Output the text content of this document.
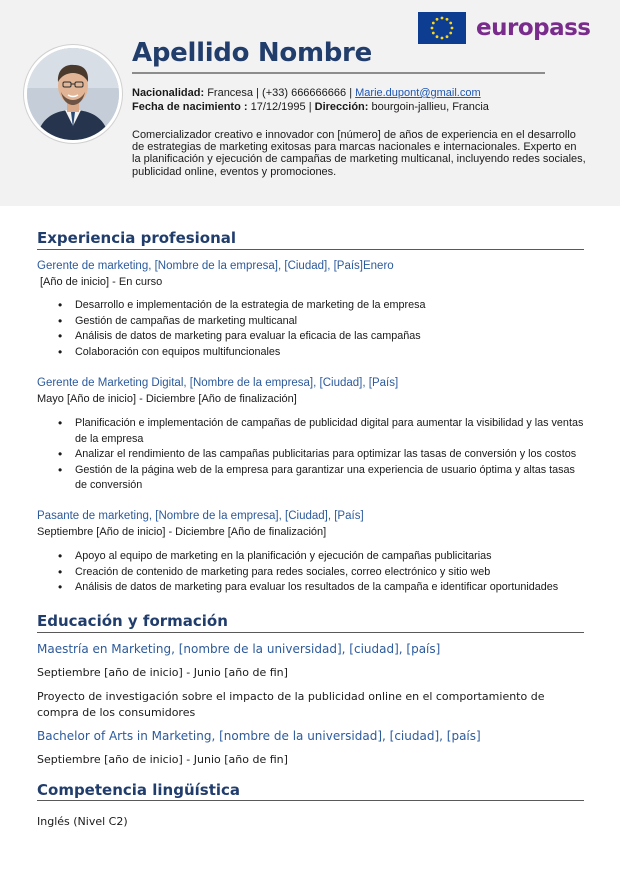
europass
Apellido Nombre
Nacionalidad: Francesa | (+33) 666666666 | Marie.dupont@gmail.com
Fecha de nacimiento : 17/12/1995 | Dirección: bourgoin-jallieu, Francia
Comercializador creativo e innovador con [número] de años de experiencia en el desarrollo de estrategias de marketing exitosas para marcas nacionales e internacionales. Experto en la planificación y ejecución de campañas de marketing multicanal, incluyendo redes sociales, publicidad online, eventos y promociones.
Experiencia profesional
Gerente de marketing, [Nombre de la empresa], [Ciudad], [País]Enero
[Año de inicio] - En curso
• Desarrollo e implementación de la estrategia de marketing de la empresa
• Gestión de campañas de marketing multicanal
• Análisis de datos de marketing para evaluar la eficacia de las campañas
• Colaboración con equipos multifuncionales
Gerente de Marketing Digital, [Nombre de la empresa], [Ciudad], [País]
Mayo [Año de inicio] - Diciembre [Año de finalización]
• Planificación e implementación de campañas de publicidad digital para aumentar la visibilidad y las ventas de la empresa
• Analizar el rendimiento de las campañas publicitarias para optimizar las tasas de conversión y los costos
• Gestión de la página web de la empresa para garantizar una experiencia de usuario óptima y altas tasas de conversión
Pasante de marketing, [Nombre de la empresa], [Ciudad], [País]
Septiembre [Año de inicio] - Diciembre [Año de finalización]
• Apoyo al equipo de marketing en la planificación y ejecución de campañas publicitarias
• Creación de contenido de marketing para redes sociales, correo electrónico y sitio web
• Análisis de datos de marketing para evaluar los resultados de la campaña e identificar oportunidades
Educación y formación
Maestría en Marketing, [nombre de la universidad], [ciudad], [país]
Septiembre [año de inicio] - Junio [año de fin]
Proyecto de investigación sobre el impacto de la publicidad online en el comportamiento de compra de los consumidores
Bachelor of Arts in Marketing, [nombre de la universidad], [ciudad], [país]
Septiembre [año de inicio] - Junio [año de fin]
Competencia lingüística
Inglés (Nivel C2)
